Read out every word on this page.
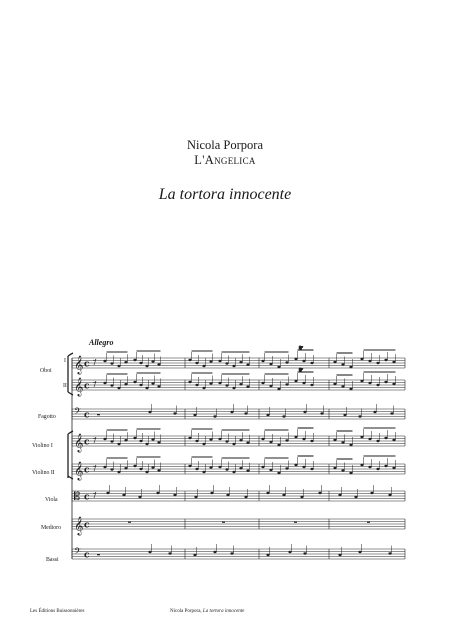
Nicola Porpora
L'Angelica
La tortora innocente
Allegro
I
Oboi
II
Fagotto
Violino I
Violino II
Viola
Medioro
Bassi
𝄞 c
𝄞 c
𝄢 c
𝄞 c
𝄞 c
𝄡 c
𝄞 c
𝄢 c
tr
tr
Les Éditions Buissonnières	Nicola Porpora, La tortora innocente
